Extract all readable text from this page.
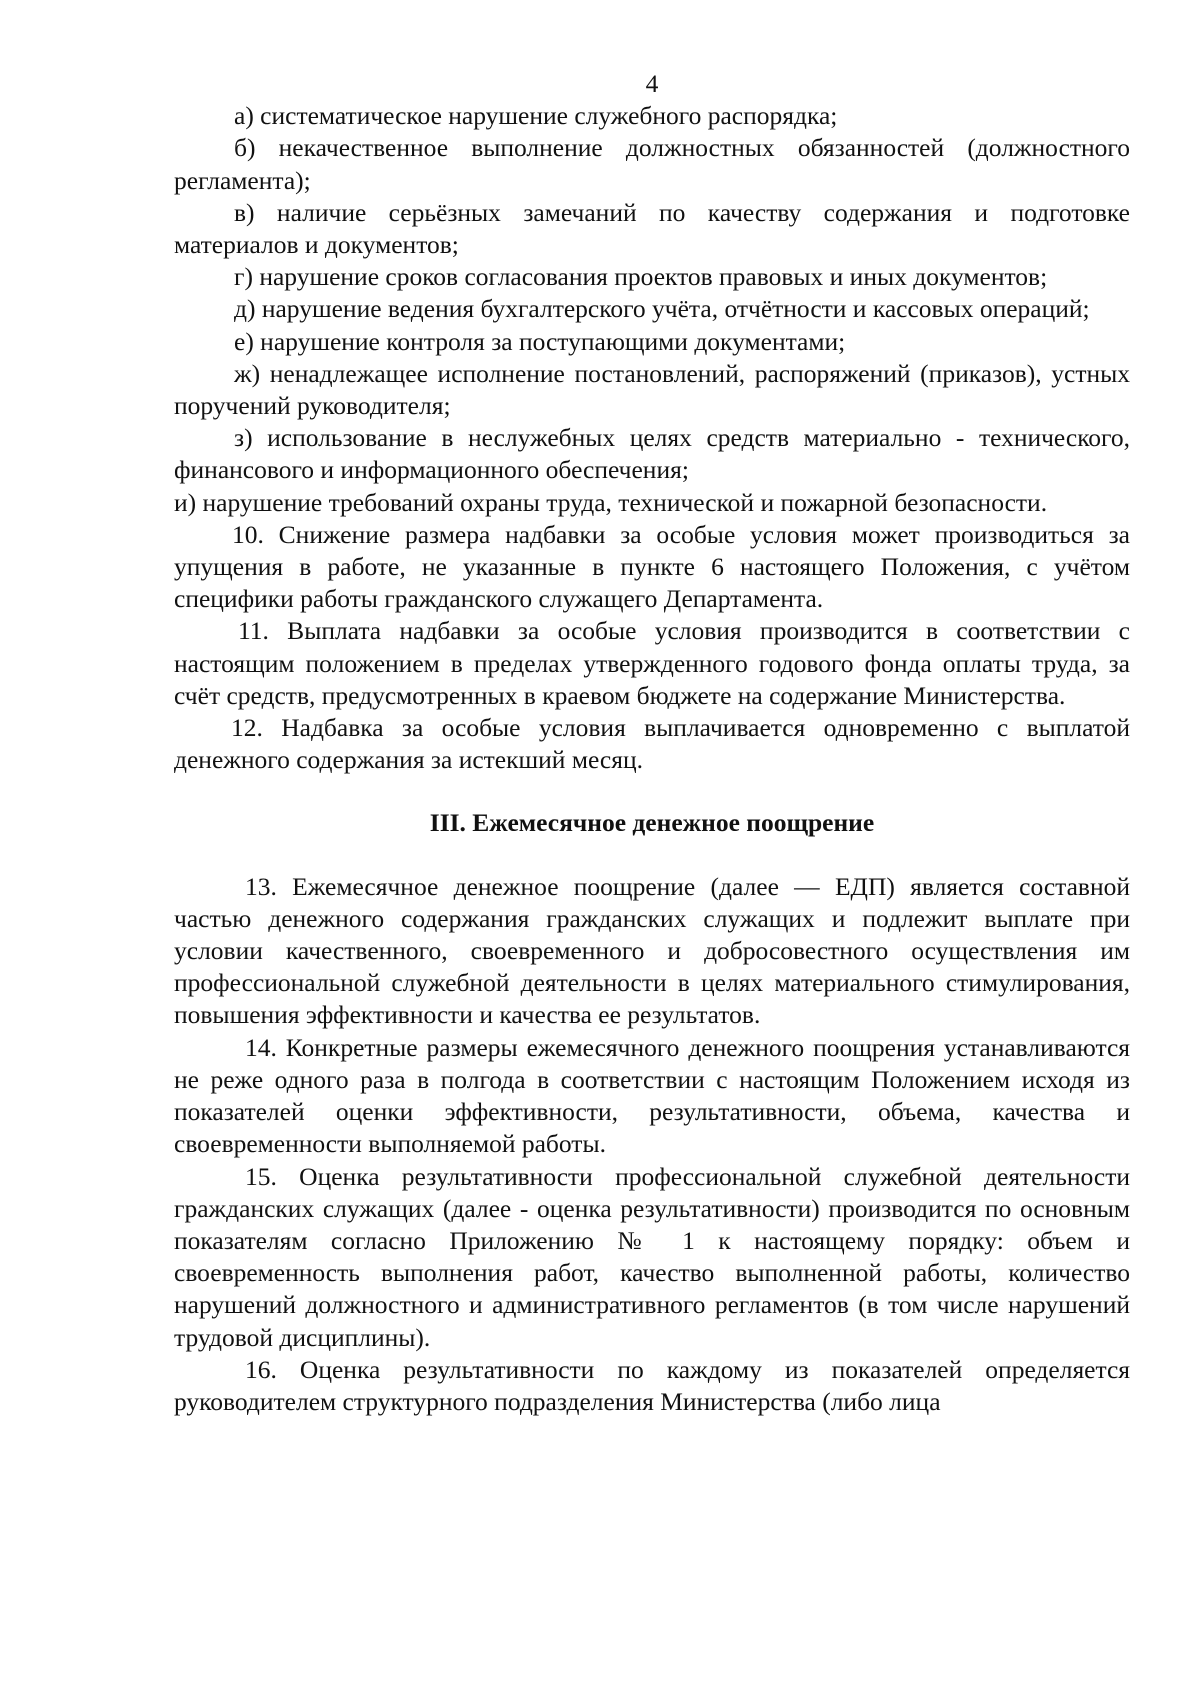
4

а) систематическое нарушение служебного распорядка;

б) некачественное выполнение должностных обязанностей (должностного регламента);

в) наличие серьёзных замечаний по качеству содержания и подготовке материалов и документов;

г) нарушение сроков согласования проектов правовых и иных документов;

д) нарушение ведения бухгалтерского учёта, отчётности и кассовых операций;

е) нарушение контроля за поступающими документами;

ж) ненадлежащее исполнение постановлений, распоряжений (приказов), устных поручений руководителя;

з) использование в неслужебных целях средств материально - технического, финансового и информационного обеспечения;

и) нарушение требований охраны труда, технической и пожарной безопасности.

10. Снижение размера надбавки за особые условия может производиться за упущения в работе, не указанные в пункте 6 настоящего Положения, с учётом специфики работы гражданского служащего Департамента.

11. Выплата надбавки за особые условия производится в соответствии с настоящим положением в пределах утвержденного годового фонда оплаты труда, за счёт средств, предусмотренных в краевом бюджете на содержание Министерства.

12. Надбавка за особые условия выплачивается одновременно с выплатой денежного содержания за истекший месяц.

III. Ежемесячное денежное поощрение

13. Ежемесячное денежное поощрение (далее — ЕДП) является составной частью денежного содержания гражданских служащих и подлежит выплате при условии качественного, своевременного и добросовестного осуществления им профессиональной служебной деятельности в целях материального стимулирования, повышения эффективности и качества ее результатов.

14. Конкретные размеры ежемесячного денежного поощрения устанавливаются не реже одного раза в полгода в соответствии с настоящим Положением исходя из показателей оценки эффективности, результативности, объема, качества и своевременности выполняемой работы.

15. Оценка результативности профессиональной служебной деятельности гражданских служащих (далее - оценка результативности) производится по основным показателям согласно Приложению № 1 к настоящему порядку: объем и своевременность выполнения работ, качество выполненной работы, количество нарушений должностного и административного регламентов (в том числе нарушений трудовой дисциплины).

16. Оценка результативности по каждому из показателей определяется руководителем структурного подразделения Министерства (либо лица
